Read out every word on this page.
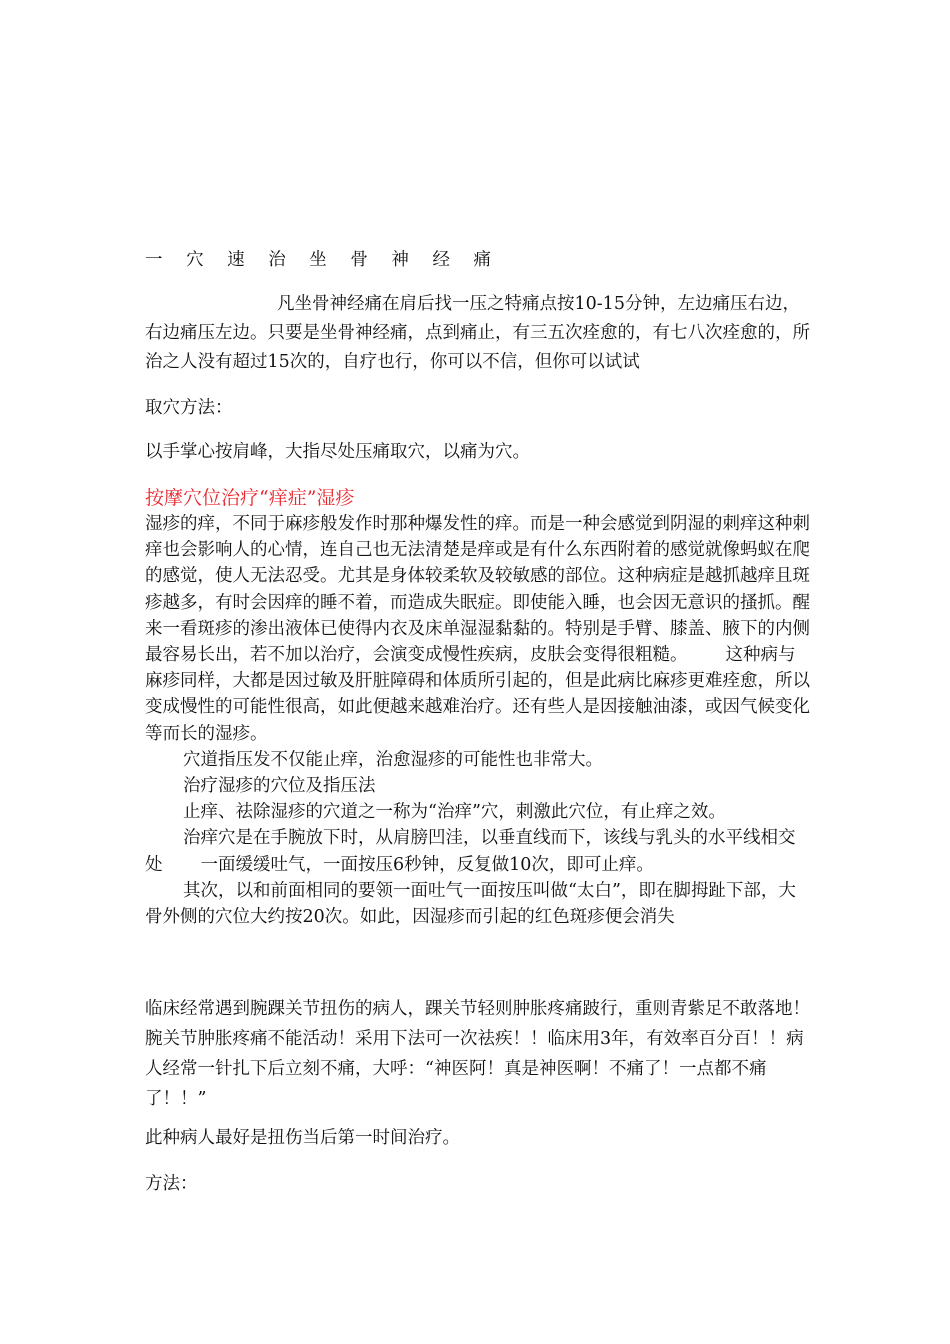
一 穴 速 治 坐 骨 神 经 痛

凡坐骨神经痛在肩后找一压之特痛点按10-15分钟，左边痛压右边，右边痛压左边。只要是坐骨神经痛，点到痛止，有三五次痊愈的，有七八次痊愈的，所治之人没有超过15次的，自疗也行，你可以不信，但你可以试试

取穴方法：

以手掌心按肩峰，大指尽处压痛取穴，以痛为穴。

按摩穴位治疗“痒症”湿疹

湿疹的痒，不同于麻疹般发作时那种爆发性的痒。而是一种会感觉到阴湿的刺痒这种刺痒也会影响人的心情，连自己也无法清楚是痒或是有什么东西附着的感觉就像蚂蚁在爬的感觉，使人无法忍受。尤其是身体较柔软及较敏感的部位。这种病症是越抓越痒且斑疹越多，有时会因痒的睡不着，而造成失眠症。即使能入睡，也会因无意识的搔抓。醒来一看斑疹的渗出液体已使得内衣及床单湿湿黏黏的。特别是手臂、膝盖、腋下的内侧最容易长出，若不加以治疗，会演变成慢性疾病，皮肤会变得很粗糙。 这种病与麻疹同样，大都是因过敏及肝脏障碍和体质所引起的，但是此病比麻疹更难痊愈，所以变成慢性的可能性很高，如此便越来越难治疗。还有些人是因接触油漆，或因气候变化等而长的湿疹。
穴道指压发不仅能止痒，治愈湿疹的可能性也非常大。
治疗湿疹的穴位及指压法
止痒、祛除湿疹的穴道之一称为“治痒”穴，刺激此穴位，有止痒之效。
治痒穴是在手腕放下时，从肩膀凹洼，以垂直线而下，该线与乳头的水平线相交处 一面缓缓吐气，一面按压6秒钟，反复做10次，即可止痒。
其次，以和前面相同的要领一面吐气一面按压叫做“太白”，即在脚拇趾下部，大骨外侧的穴位大约按20次。如此，因湿疹而引起的红色斑疹便会消失

临床经常遇到腕踝关节扭伤的病人，踝关节轻则肿胀疼痛跛行，重则青紫足不敢落地！腕关节肿胀疼痛不能活动！采用下法可一次祛疾！！临床用3年，有效率百分百！！病人经常一针扎下后立刻不痛，大呼：“神医阿！真是神医啊！不痛了！一点都不痛了！！”

此种病人最好是扭伤当后第一时间治疗。

方法：
